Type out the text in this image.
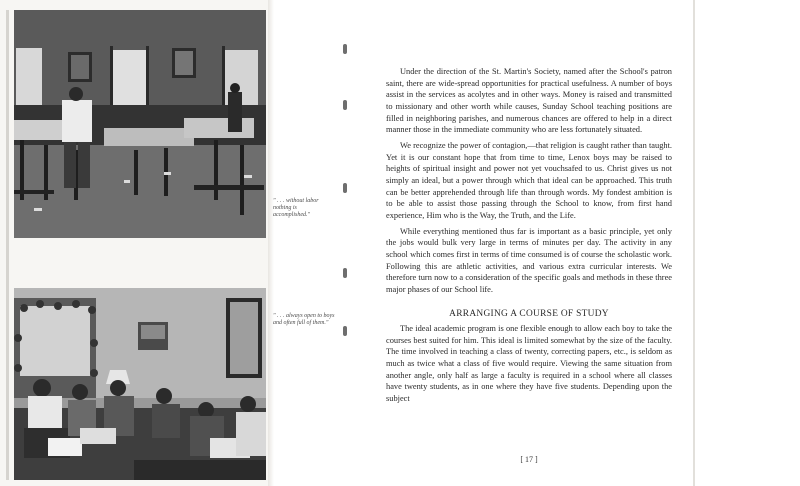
" . . . without labor nothing is accomplished."
" . . . always open to boys and often full of them."

Under the direction of the St. Martin's Society, named after the School's patron saint, there are wide-spread opportunities for practical usefulness. A number of boys assist in the services as acolytes and in other ways. Money is raised and transmitted to missionary and other worth while causes, Sunday School teaching positions are filled in neighboring parishes, and numerous chances are offered to help in a direct manner those in the immediate community who are less fortunately situated.

We recognize the power of contagion,—that religion is caught rather than taught. Yet it is our constant hope that from time to time, Lenox boys may be raised to heights of spiritual insight and power not yet vouchsafed to us. Christ gives us not simply an ideal, but a power through which that ideal can be approached. This truth can be better apprehended through life than through words. My fondest ambition is to be able to assist those passing through the School to know, from first hand experience, Him who is the Way, the Truth, and the Life.

While everything mentioned thus far is important as a basic principle, yet only the jobs would bulk very large in terms of minutes per day. The activity in any school which comes first in terms of time consumed is of course the scholastic work. Following this are athletic activities, and various extra curricular interests. We therefore turn now to a consideration of the specific goals and methods in these three major phases of our School life.

ARRANGING A COURSE OF STUDY

The ideal academic program is one flexible enough to allow each boy to take the courses best suited for him. This ideal is limited somewhat by the size of the faculty. The time involved in teaching a class of twenty, correcting papers, etc., is seldom as much as twice what a class of five would require. Viewing the same situation from another angle, only half as large a faculty is required in a school where all classes have twenty students, as in one where they have five students. Depending upon the subject

[ 17 ]
